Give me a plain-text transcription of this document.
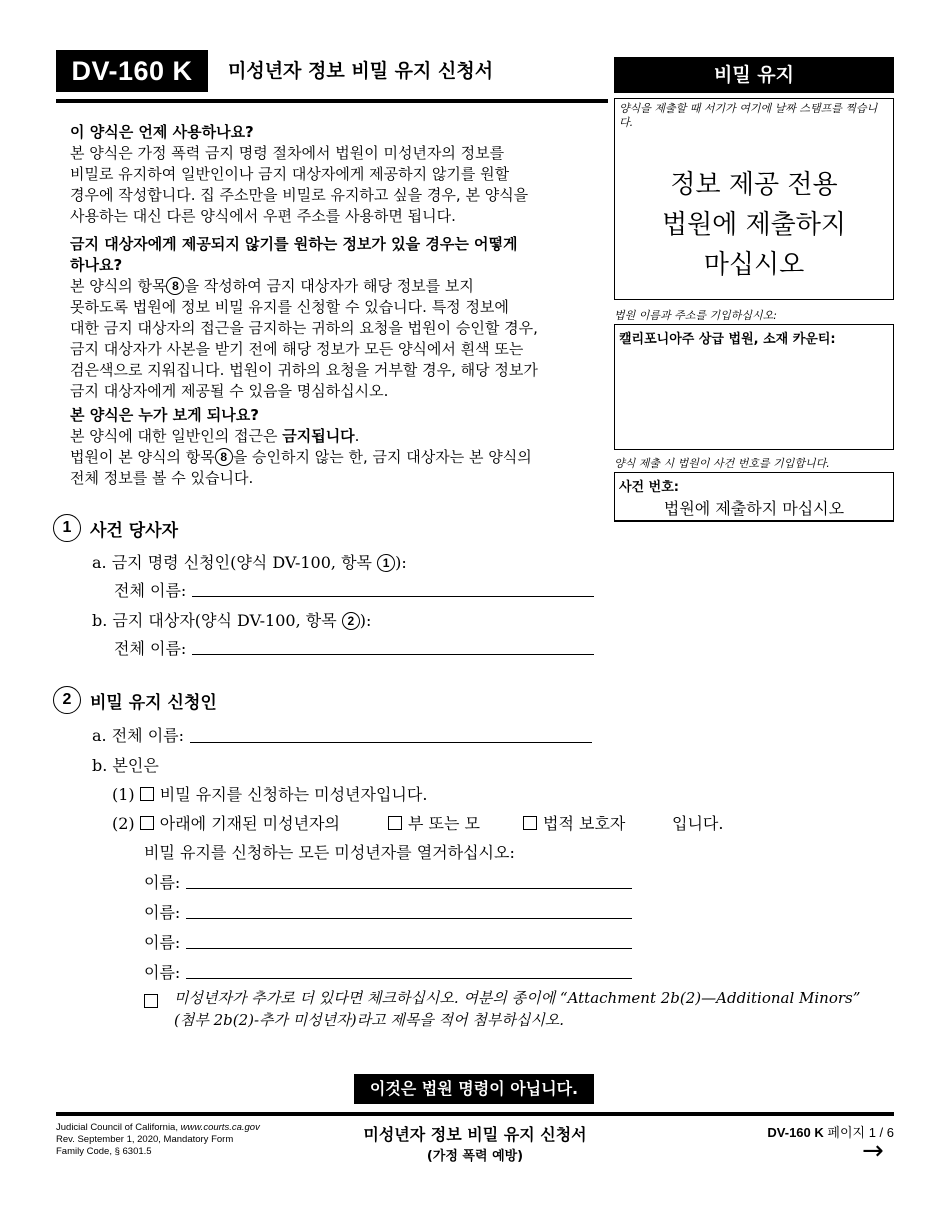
DV-160 K	미성년자 정보 비밀 유지 신청서	비밀 유지
양식을 제출할 때 서기가 여기에 날짜 스탬프를 찍습니다.
정보 제공 전용
법원에 제출하지
마십시오
법원 이름과 주소를 기입하십시오:
캘리포니아주 상급 법원, 소재 카운티:
양식 제출 시 법원이 사건 번호를 기입합니다.
사건 번호:
법원에 제출하지 마십시오
이 양식은 언제 사용하나요?
본 양식은 가정 폭력 금지 명령 절차에서 법원이 미성년자의 정보를
비밀로 유지하여 일반인이나 금지 대상자에게 제공하지 않기를 원할
경우에 작성합니다. 집 주소만을 비밀로 유지하고 싶을 경우, 본 양식을
사용하는 대신 다른 양식에서 우편 주소를 사용하면 됩니다.
금지 대상자에게 제공되지 않기를 원하는 정보가 있을 경우는 어떻게
하나요?
본 양식의 항목 8 을 작성하여 금지 대상자가 해당 정보를 보지
못하도록 법원에 정보 비밀 유지를 신청할 수 있습니다. 특정 정보에
대한 금지 대상자의 접근을 금지하는 귀하의 요청을 법원이 승인할 경우,
금지 대상자가 사본을 받기 전에 해당 정보가 모든 양식에서 흰색 또는
검은색으로 지워집니다. 법원이 귀하의 요청을 거부할 경우, 해당 정보가
금지 대상자에게 제공될 수 있음을 명심하십시오.
본 양식은 누가 보게 되나요?
본 양식에 대한 일반인의 접근은 금지됩니다.
법원이 본 양식의 항목 8 을 승인하지 않는 한, 금지 대상자는 본 양식의
전체 정보를 볼 수 있습니다.
1	사건 당사자
a. 금지 명령 신청인(양식 DV-100, 항목 1 ):
전체 이름:
b. 금지 대상자(양식 DV-100, 항목 2 ):
전체 이름:
2	비밀 유지 신청인
a. 전체 이름:
b. 본인은
(1) 비밀 유지를 신청하는 미성년자입니다.
(2) 아래에 기재된 미성년자의	부 또는 모	법적 보호자	입니다.
비밀 유지를 신청하는 모든 미성년자를 열거하십시오:
이름:
이름:
이름:
이름:
미성년자가 추가로 더 있다면 체크하십시오. 여분의 종이에 “Attachment 2b(2)—Additional Minors”
(첨부 2b(2)-추가 미성년자)라고 제목을 적어 첨부하십시오.
이것은 법원 명령이 아닙니다.
Judicial Council of California, www.courts.ca.gov
Rev. September 1, 2020, Mandatory Form
Family Code, § 6301.5
미성년자 정보 비밀 유지 신청서
(가정 폭력 예방)
DV-160 K 페이지 1 / 6
→
